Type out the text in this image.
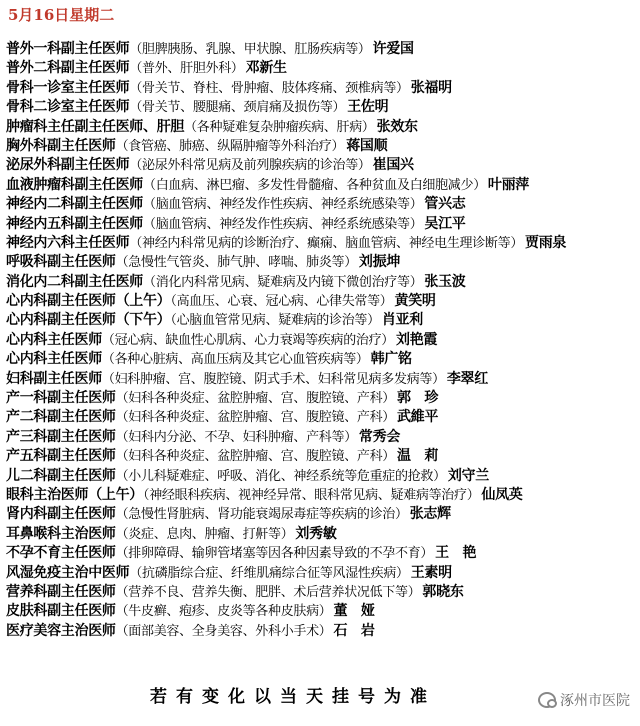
5月16日星期二
普外一科副主任医师（胆脾胰肠、乳腺、甲状腺、肛肠疾病等） 许爱国
普外二科副主任医师（普外、肝胆外科） 邓新生
骨科一诊室主任医师（骨关节、脊柱、骨肿瘤、肢体疼痛、颈椎病等） 张福明
骨科二诊室主任医师（骨关节、腰腿痛、颈肩痛及损伤等） 王佐明
肿瘤科主任副主任医师、肝胆（各种疑难复杂肿瘤疾病、肝病） 张效东
胸外科副主任医师（食管癌、肺癌、纵隔肿瘤等外科治疗） 蒋国顺
泌尿外科副主任医师（泌尿外科常见病及前列腺疾病的诊治等） 崔国兴
血液肿瘤科副主任医师（白血病、淋巴瘤、多发性骨髓瘤、各种贫血及白细胞减少） 叶丽萍
神经内二科副主任医师（脑血管病、神经发作性疾病、神经系统感染等） 管兴志
神经内五科副主任医师（脑血管病、神经发作性疾病、神经系统感染等） 吴江平
神经内六科主任医师（神经内科常见病的诊断治疗、癫痫、脑血管病、神经电生理诊断等） 贾雨泉
呼吸科副主任医师（急慢性气管炎、肺气肿、哮喘、肺炎等） 刘振坤
消化内二科副主任医师（消化内科常见病、疑难病及内镜下微创治疗等） 张玉波
心内科副主任医师（上午）（高血压、心衰、冠心病、心律失常等） 黄笑明
心内科副主任医师（下午）（心脑血管常见病、疑难病的诊治等） 肖亚利
心内科主任医师（冠心病、缺血性心肌病、心力衰竭等疾病的治疗） 刘艳霞
心内科主任医师（各种心脏病、高血压病及其它心血管疾病等） 韩广铭
妇科副主任医师（妇科肿瘤、宫、腹腔镜、阴式手术、妇科常见病多发病等） 李翠红
产一科副主任医师（妇科各种炎症、盆腔肿瘤、宫、腹腔镜、产科） 郭　珍
产二科副主任医师（妇科各种炎症、盆腔肿瘤、宫、腹腔镜、产科） 武維平
产三科副主任医师（妇科内分泌、不孕、妇科肿瘤、产科等） 常秀会
产五科副主任医师（妇科各种炎症、盆腔肿瘤、宫、腹腔镜、产科） 温　莉
儿二科副主任医师（小儿科疑难症、呼吸、消化、神经系统等危重症的抢救） 刘守兰
眼科主治医师（上午）（神经眼科疾病、视神经异常、眼科常见病、疑难病等治疗） 仙凤英
肾内科副主任医师（急慢性肾脏病、肾功能衰竭尿毒症等疾病的诊治） 张志辉
耳鼻喉科主治医师（炎症、息肉、肿瘤、打鼾等） 刘秀敏
不孕不育主任医师（排卵障碍、输卵管堵塞等因各种因素导致的不孕不育） 王　艳
风湿免疫主治中医师（抗磷脂综合症、纤维肌痛综合征等风湿性疾病） 王素明
营养科副主任医师（营养不良、营养失衡、肥胖、术后营养状况低下等） 郭晓东
皮肤科副主任医师（牛皮癣、疱疹、皮炎等各种皮肤病） 董　娅
医疗美容主治医师（面部美容、全身美容、外科小手术） 石　岩
若有变化以当天挂号为准	涿州市医院
